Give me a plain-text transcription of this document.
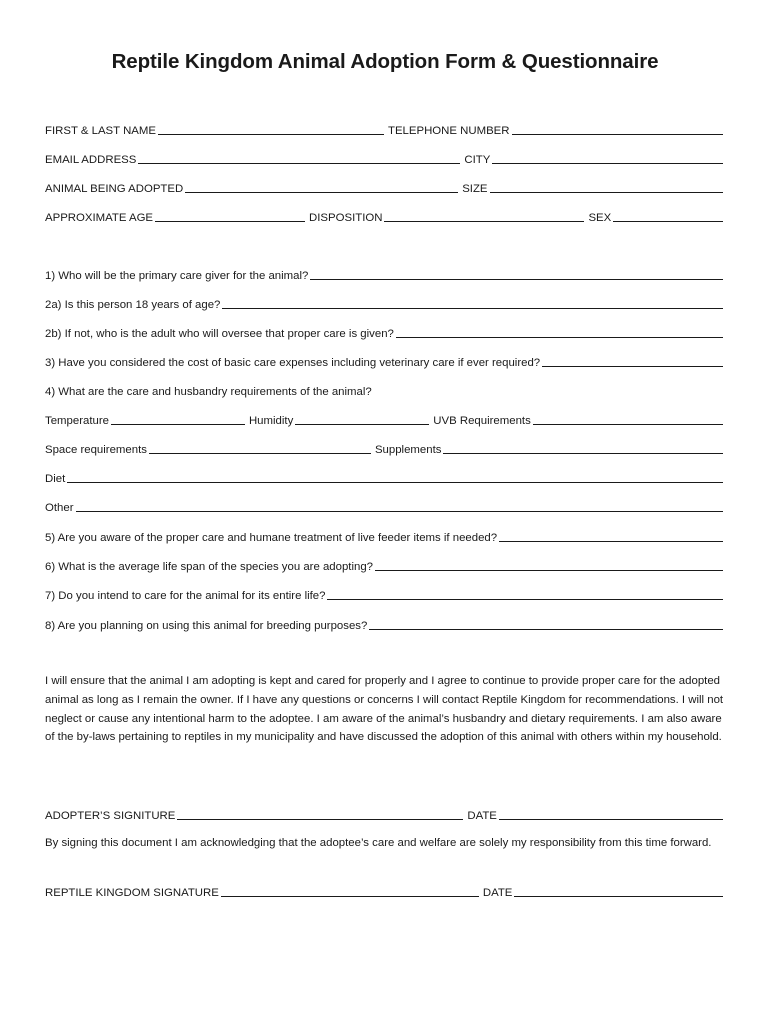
Reptile Kingdom Animal Adoption Form & Questionnaire
FIRST & LAST NAME	TELEPHONE NUMBER
EMAIL ADDRESS	CITY
ANIMAL BEING ADOPTED	SIZE
APPROXIMATE AGE	DISPOSITION	SEX
1) Who will be the primary care giver for the animal?
2a) Is this person 18 years of age?
2b) If not, who is the adult who will oversee that proper care is given?
3) Have you considered the cost of basic care expenses including veterinary care if ever required?
4) What are the care and husbandry requirements of the animal?
Temperature	Humidity	UVB Requirements
Space requirements	Supplements
Diet
Other
5) Are you aware of the proper care and humane treatment of live feeder items if needed?
6) What is the average life span of the species you are adopting?
7) Do you intend to care for the animal for its entire life?
8) Are you planning on using this animal for breeding purposes?
I will ensure that the animal I am adopting is kept and cared for properly and I agree to continue to provide proper care for the adopted animal as long as I remain the owner. If I have any questions or concerns I will contact Reptile Kingdom for recommendations. I will not neglect or cause any intentional harm to the adoptee. I am aware of the animal’s husbandry and dietary requirements. I am also aware of the by-laws pertaining to reptiles in my municipality and have discussed the adoption of this animal with others within my household.
ADOPTER’S SIGNITURE	DATE
By signing this document I am acknowledging that the adoptee’s care and welfare are solely my responsibility from this time forward.
REPTILE KINGDOM SIGNATURE	DATE
